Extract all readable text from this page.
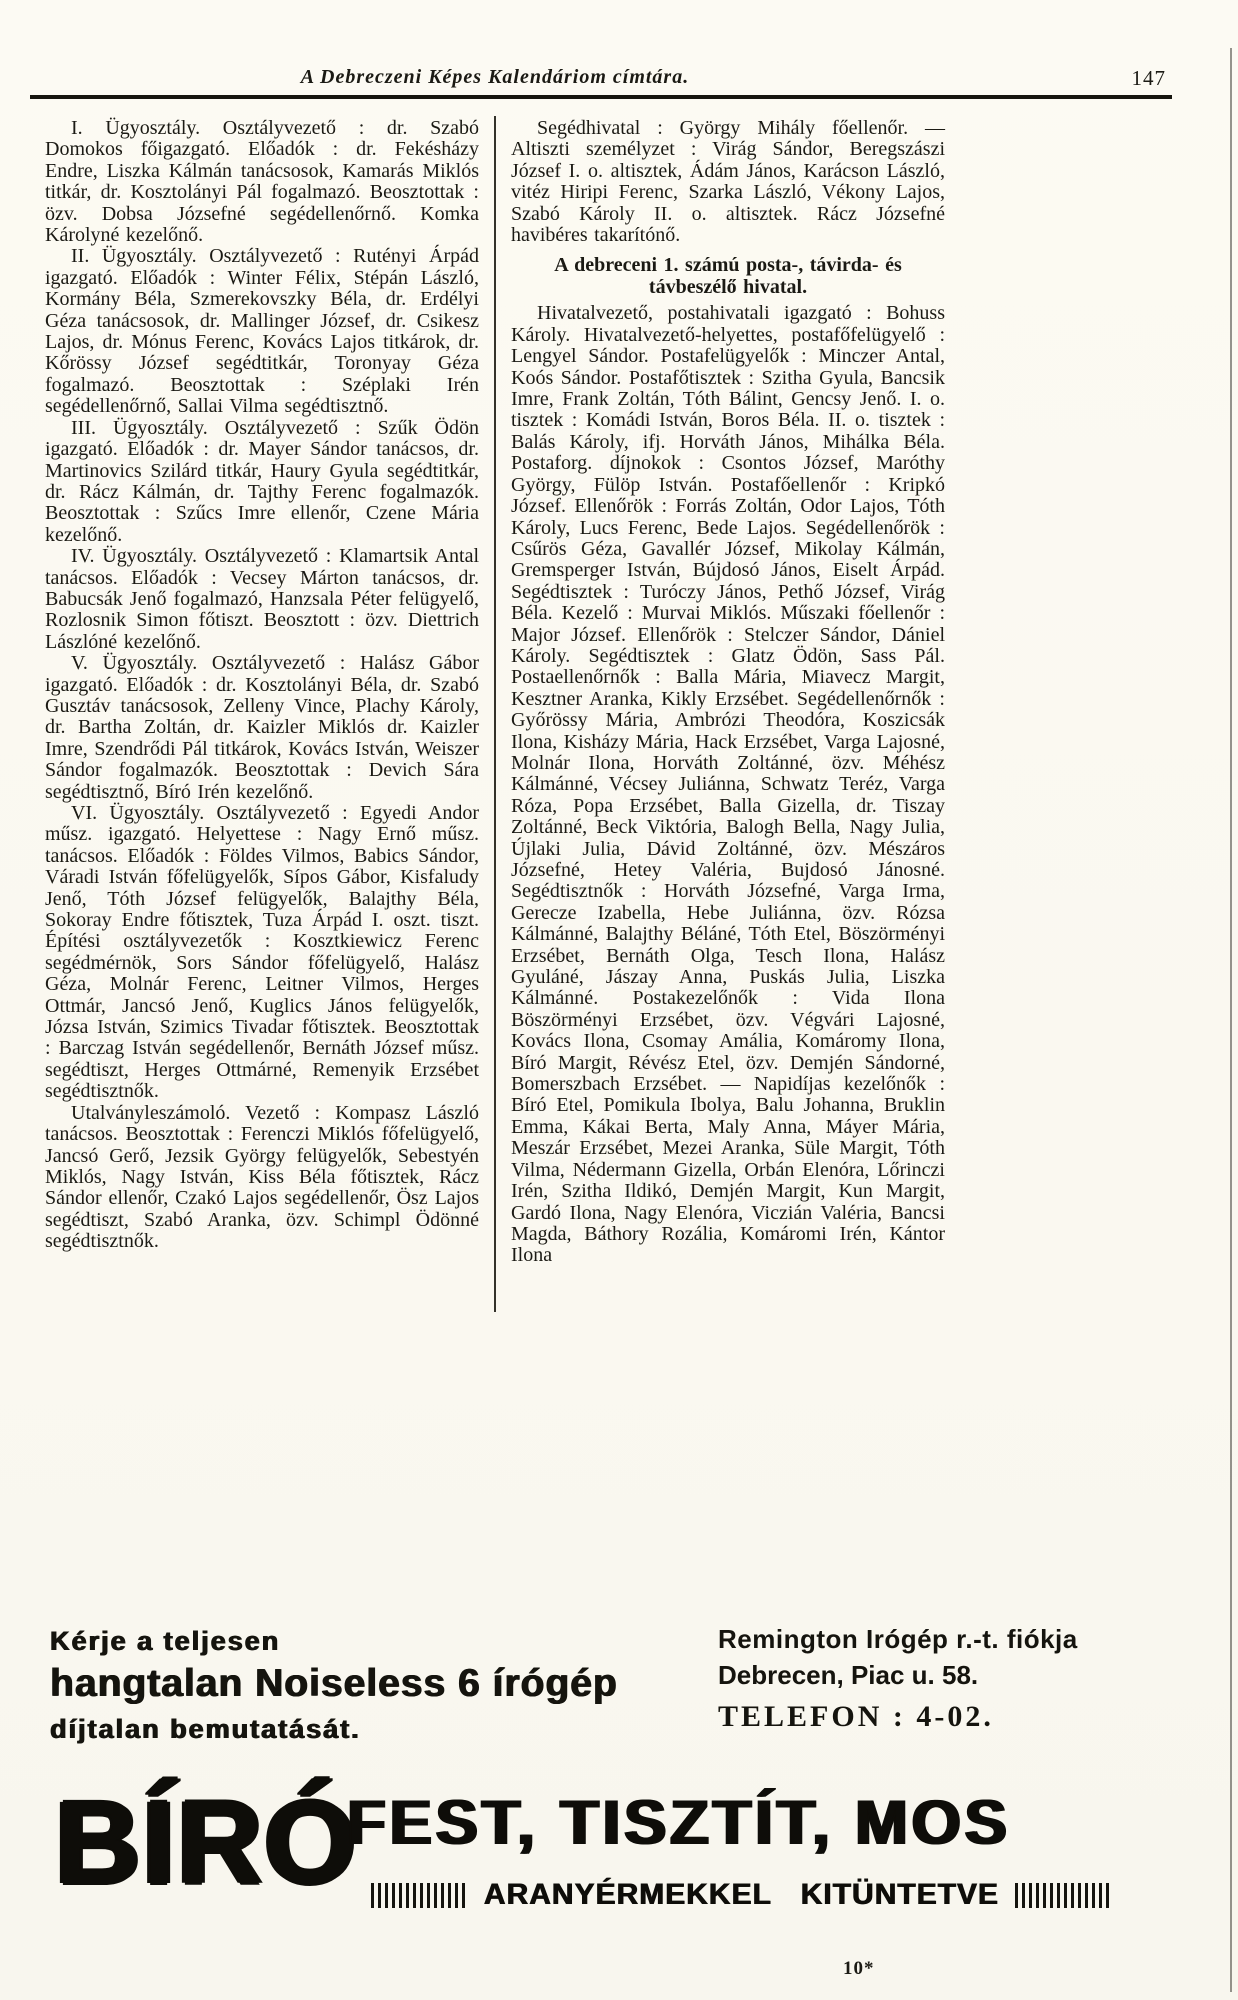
A Debreczeni Képes Kalendáriom címtára.	147

I. Ügyosztály. Osztályvezető : dr. Szabó Domokos főigazgató. Előadók : dr. Fekésházy Endre, Liszka Kálmán tanácsosok, Kamarás Miklós titkár, dr. Kosztolányi Pál fogalmazó. Beosztottak : özv. Dobsa Józsefné segédellenőrnő. Komka Károlyné kezelőnő.

II. Ügyosztály. Osztályvezető : Rutényi Árpád igazgató. Előadók : Winter Félix, Stépán László, Kormány Béla, Szmerekovszky Béla, dr. Erdélyi Géza tanácsosok, dr. Mallinger József, dr. Csikesz Lajos, dr. Mónus Ferenc, Kovács Lajos titkárok, dr. Kőrössy József segédtitkár, Toronyay Géza fogalmazó. Beosztottak : Széplaki Irén segédellenőrnő, Sallai Vilma segédtisztnő.

III. Ügyosztály. Osztályvezető : Szűk Ödön igazgató. Előadók : dr. Mayer Sándor tanácsos, dr. Martinovics Szilárd titkár, Haury Gyula segédtitkár, dr. Rácz Kálmán, dr. Tajthy Ferenc fogalmazók. Beosztottak : Szűcs Imre ellenőr, Czene Mária kezelőnő.

IV. Ügyosztály. Osztályvezető : Klamartsik Antal tanácsos. Előadók : Vecsey Márton tanácsos, dr. Babucsák Jenő fogalmazó, Hanzsala Péter felügyelő, Rozlosnik Simon főtiszt. Beosztott : özv. Diettrich Lászlóné kezelőnő.

V. Ügyosztály. Osztályvezető : Halász Gábor igazgató. Előadók : dr. Kosztolányi Béla, dr. Szabó Gusztáv tanácsosok, Zelleny Vince, Plachy Károly, dr. Bartha Zoltán, dr. Kaizler Miklós dr. Kaizler Imre, Szendrődi Pál titkárok, Kovács István, Weiszer Sándor fogalmazók. Beosztottak : Devich Sára segédtisztnő, Bíró Irén kezelőnő.

VI. Ügyosztály. Osztályvezető : Egyedi Andor műsz. igazgató. Helyettese : Nagy Ernő műsz. tanácsos. Előadók : Földes Vilmos, Babics Sándor, Váradi István főfelügyelők, Sípos Gábor, Kisfaludy Jenő, Tóth József felügyelők, Balajthy Béla, Sokoray Endre főtisztek, Tuza Árpád I. oszt. tiszt. Építési osztályvezetők : Kosztkiewicz Ferenc segédmérnök, Sors Sándor főfelügyelő, Halász Géza, Molnár Ferenc, Leitner Vilmos, Herges Ottmár, Jancsó Jenő, Kuglics János felügyelők, Józsa István, Szimics Tivadar főtisztek. Beosztottak : Barczag István segédellenőr, Bernáth József műsz. segédtiszt, Herges Ottmárné, Remenyik Erzsébet segédtisztnők.

Utalványleszámoló. Vezető : Kompasz László tanácsos. Beosztottak : Ferenczi Miklós főfelügyelő, Jancsó Gerő, Jezsik György felügyelők, Sebestyén Miklós, Nagy István, Kiss Béla főtisztek, Rácz Sándor ellenőr, Czakó Lajos segédellenőr, Ösz Lajos segédtiszt, Szabó Aranka, özv. Schimpl Ödönné segédtisztnők.

Segédhivatal : György Mihály főellenőr. — Altiszti személyzet : Virág Sándor, Beregszászi József I. o. altisztek, Ádám János, Karácson László, vitéz Hiripi Ferenc, Szarka László, Vékony Lajos, Szabó Károly II. o. altisztek. Rácz Józsefné havibéres takarítónő.

A debreceni 1. számú posta-, távirda- és távbeszélő hivatal.

Hivatalvezető, postahivatali igazgató : Bohuss Károly. Hivatalvezető-helyettes, postafőfelügyelő : Lengyel Sándor. Postafelügyelők : Minczer Antal, Koós Sándor. Postafőtisztek : Szitha Gyula, Bancsik Imre, Frank Zoltán, Tóth Bálint, Gencsy Jenő. I. o. tisztek : Komádi István, Boros Béla. II. o. tisztek : Balás Károly, ifj. Horváth János, Mihálka Béla. Postaforg. díjnokok : Csontos József, Maróthy György, Fülöp István. Postafőellenőr : Kripkó József. Ellenőrök : Forrás Zoltán, Odor Lajos, Tóth Károly, Lucs Ferenc, Bede Lajos. Segédellenőrök : Csűrös Géza, Gavallér József, Mikolay Kálmán, Gremsperger István, Bújdosó János, Eiselt Árpád. Segédtisztek : Turóczy János, Pethő József, Virág Béla. Kezelő : Murvai Miklós. Műszaki főellenőr : Major József. Ellenőrök : Stelczer Sándor, Dániel Károly. Segédtisztek : Glatz Ödön, Sass Pál. Postaellenőrnők : Balla Mária, Miavecz Margit, Kesztner Aranka, Kikly Erzsébet. Segédellenőrnők : Győrössy Mária, Ambrózi Theodóra, Koszicsák Ilona, Kisházy Mária, Hack Erzsébet, Varga Lajosné, Molnár Ilona, Horváth Zoltánné, özv. Méhész Kálmánné, Vécsey Juliánna, Schwatz Teréz, Varga Róza, Popa Erzsébet, Balla Gizella, dr. Tiszay Zoltánné, Beck Viktória, Balogh Bella, Nagy Julia, Újlaki Julia, Dávid Zoltánné, özv. Mészáros Józsefné, Hetey Valéria, Bujdosó Jánosné. Segédtisztnők : Horváth Józsefné, Varga Irma, Gerecze Izabella, Hebe Juliánna, özv. Rózsa Kálmánné, Balajthy Béláné, Tóth Etel, Böszörményi Erzsébet, Bernáth Olga, Tesch Ilona, Halász Gyuláné, Jászay Anna, Puskás Julia, Liszka Kálmánné. Postakezelőnők : Vida Ilona Böszörményi Erzsébet, özv. Végvári Lajosné, Kovács Ilona, Csomay Amália, Komáromy Ilona, Bíró Margit, Révész Etel, özv. Demjén Sándorné, Bomerszbach Erzsébet. — Napidíjas kezelőnők : Bíró Etel, Pomikula Ibolya, Balu Johanna, Bruklin Emma, Kákai Berta, Maly Anna, Máyer Mária, Meszár Erzsébet, Mezei Aranka, Süle Margit, Tóth Vilma, Nédermann Gizella, Orbán Elenóra, Lőrinczi Irén, Szitha Ildikó, Demjén Margit, Kun Margit, Gardó Ilona, Nagy Elenóra, Viczián Valéria, Bancsi Magda, Báthory Rozália, Komáromi Irén, Kántor Ilona

Kérje a teljesen
hangtalan Noiseless 6 írógép
díjtalan bemutatását.
Remington Irógép r.-t. fiókja
Debrecen, Piac u. 58.
TELEFON : 4-02.
BÍRÓ
FEST, TISZTÍT, MOS
ARANYÉRMEKKEL KITÜNTETVE
10*
